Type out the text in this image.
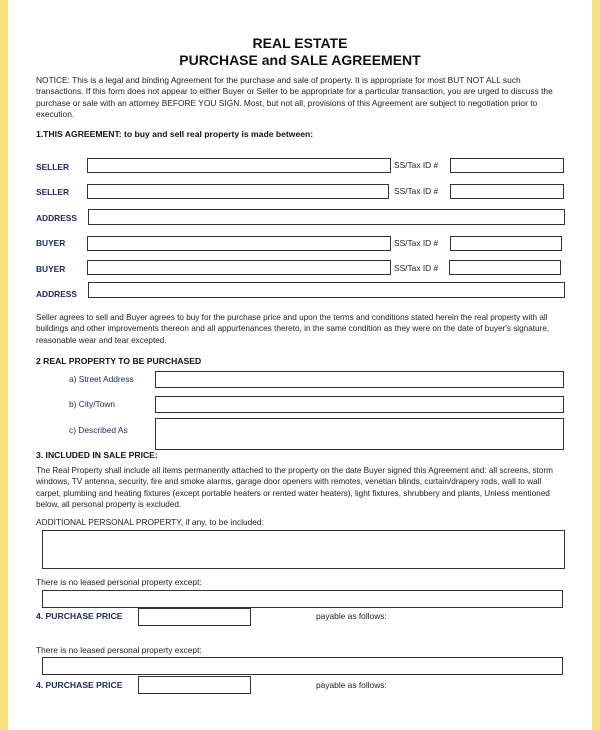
REAL ESTATE
PURCHASE and SALE AGREEMENT
NOTICE: This is a legal and binding Agreement for the purchase and sale of property. It is appropriate for most BUT NOT ALL such transactions. If this form does not appear to either Buyer or Seller to be appropriate for a particular transaction, you are urged to discuss the purchase or sale with an attorney BEFORE YOU SIGN. Most, but not all, provisions of this Agreement are subject to negotiation prior to execution.
1.THIS AGREEMENT: to buy and sell real property is made between:
SELLER	SS/Tax ID #
SELLER	SS/Tax ID #
ADDRESS
BUYER	SS/Tax ID #
BUYER	SS/Tax ID #
ADDRESS
Seller agrees to sell and Buyer agrees to buy for the purchase price and upon the terms and conditions stated herein the real property with all buildings and other improvements thereon and all appurtenances thereto, in the same condition as they were on the date of buyer's signature, reasonable wear and tear excepted.
2 REAL PROPERTY TO BE PURCHASED
a) Street Address
b) City/Town
c) Described As
3. INCLUDED IN SALE PRICE:
The Real Property shall include all items permanently attached to the property on the date Buyer signed this Agreement and: all screens, storm windows, TV antenna, security, fire and smoke alarms, garage door openers with remotes, venetian blinds, curtain/drapery rods, wall to wall carpet, plumbing and heating fixtures (except portable heaters or rented water heaters), light fixtures, shrubbery and plants, Unless mentioned below, all personal property is excluded.
ADDITIONAL PERSONAL PROPERTY, if any, to be included:
There is no leased personal property except:
4. PURCHASE PRICE	payable as follows:
There is no leased personal property except:
4. PURCHASE PRICE	payable as follows:
